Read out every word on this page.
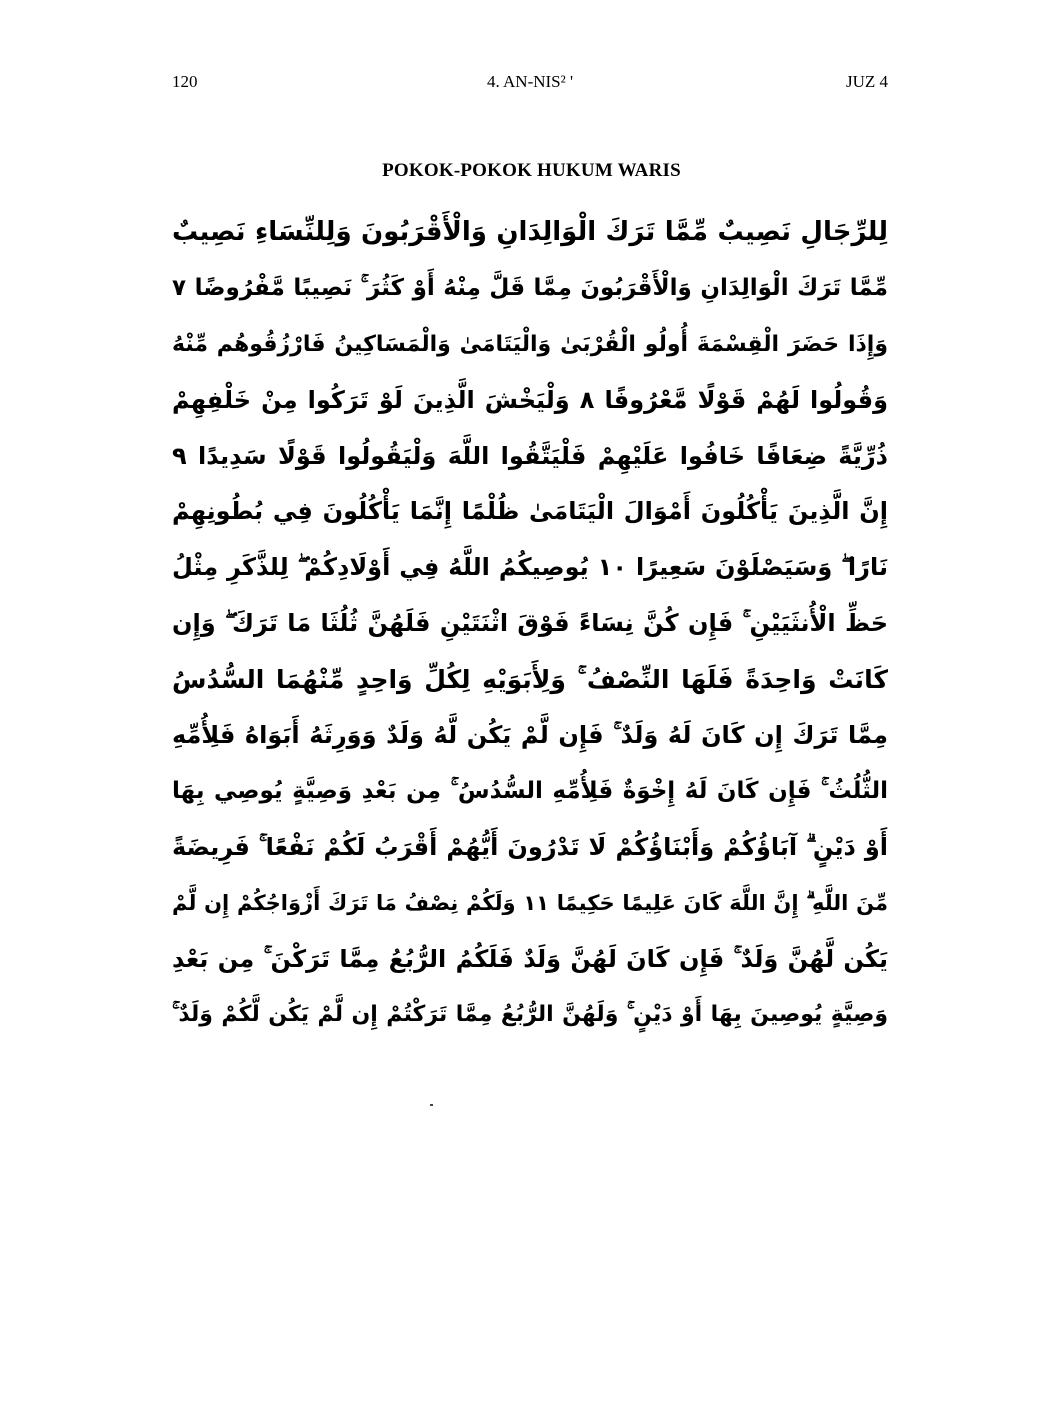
120	4. AN-NIS² '	JUZ 4
POKOK-POKOK HUKUM WARIS
لِلرِّجَالِ نَصِيبٌ مِّمَّا تَرَكَ الْوَالِدَانِ وَالْأَقْرَبُونَ وَلِلنِّسَاءِ نَصِيبٌ
مِّمَّا تَرَكَ الْوَالِدَانِ وَالْأَقْرَبُونَ مِمَّا قَلَّ مِنْهُ أَوْ كَثُرَ ۚ نَصِيبًا مَّفْرُوضًا ٧
وَإِذَا حَضَرَ الْقِسْمَةَ أُولُو الْقُرْبَىٰ وَالْيَتَامَىٰ وَالْمَسَاكِينُ فَارْزُقُوهُم مِّنْهُ
وَقُولُوا لَهُمْ قَوْلًا مَّعْرُوفًا ٨ وَلْيَخْشَ الَّذِينَ لَوْ تَرَكُوا مِنْ خَلْفِهِمْ
ذُرِّيَّةً ضِعَافًا خَافُوا عَلَيْهِمْ فَلْيَتَّقُوا اللَّهَ وَلْيَقُولُوا قَوْلًا سَدِيدًا ٩
إِنَّ الَّذِينَ يَأْكُلُونَ أَمْوَالَ الْيَتَامَىٰ ظُلْمًا إِنَّمَا يَأْكُلُونَ فِي بُطُونِهِمْ
نَارًا ۖ وَسَيَصْلَوْنَ سَعِيرًا ١٠ يُوصِيكُمُ اللَّهُ فِي أَوْلَادِكُمْ ۖ لِلذَّكَرِ مِثْلُ
حَظِّ الْأُنثَيَيْنِ ۚ فَإِن كُنَّ نِسَاءً فَوْقَ اثْنَتَيْنِ فَلَهُنَّ ثُلُثَا مَا تَرَكَ ۖ وَإِن
كَانَتْ وَاحِدَةً فَلَهَا النِّصْفُ ۚ وَلِأَبَوَيْهِ لِكُلِّ وَاحِدٍ مِّنْهُمَا السُّدُسُ
مِمَّا تَرَكَ إِن كَانَ لَهُ وَلَدٌ ۚ فَإِن لَّمْ يَكُن لَّهُ وَلَدٌ وَوَرِثَهُ أَبَوَاهُ فَلِأُمِّهِ
الثُّلُثُ ۚ فَإِن كَانَ لَهُ إِخْوَةٌ فَلِأُمِّهِ السُّدُسُ ۚ مِن بَعْدِ وَصِيَّةٍ يُوصِي بِهَا
أَوْ دَيْنٍ ۗ آبَاؤُكُمْ وَأَبْنَاؤُكُمْ لَا تَدْرُونَ أَيُّهُمْ أَقْرَبُ لَكُمْ نَفْعًا ۚ فَرِيضَةً
مِّنَ اللَّهِ ۗ إِنَّ اللَّهَ كَانَ عَلِيمًا حَكِيمًا ١١ وَلَكُمْ نِصْفُ مَا تَرَكَ أَزْوَاجُكُمْ إِن لَّمْ
يَكُن لَّهُنَّ وَلَدٌ ۚ فَإِن كَانَ لَهُنَّ وَلَدٌ فَلَكُمُ الرُّبُعُ مِمَّا تَرَكْنَ ۚ مِن بَعْدِ
وَصِيَّةٍ يُوصِينَ بِهَا أَوْ دَيْنٍ ۚ وَلَهُنَّ الرُّبُعُ مِمَّا تَرَكْتُمْ إِن لَّمْ يَكُن لَّكُمْ وَلَدٌ ۚ
